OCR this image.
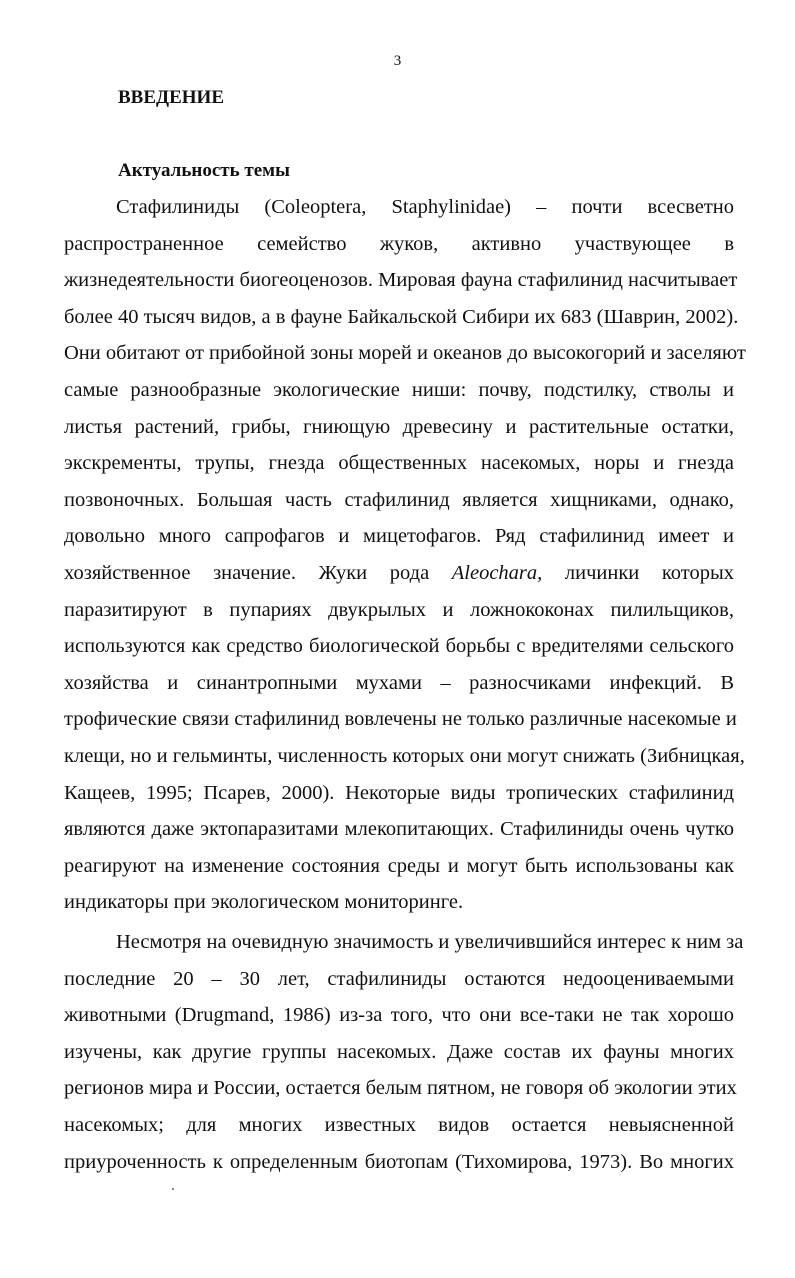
3
ВВЕДЕНИЕ
Актуальность темы
Стафилиниды (Coleoptera, Staphylinidae) – почти всесветно
распространенное семейство жуков, активно участвующее в
жизнедеятельности биогеоценозов. Мировая фауна стафилинид насчитывает
более 40 тысяч видов, а в фауне Байкальской Сибири их 683 (Шаврин, 2002).
Они обитают от прибойной зоны морей и океанов до высокогорий и заселяют
самые разнообразные экологические ниши: почву, подстилку, стволы и
листья растений, грибы, гниющую древесину и растительные остатки,
экскременты, трупы, гнезда общественных насекомых, норы и гнезда
позвоночных. Большая часть стафилинид является хищниками, однако,
довольно много сапрофагов и мицетофагов. Ряд стафилинид имеет и
хозяйственное значение. Жуки рода Aleochara, личинки которых
паразитируют в пупариях двукрылых и ложнококонах пилильщиков,
используются как средство биологической борьбы с вредителями сельского
хозяйства и синантропными мухами – разносчиками инфекций. В
трофические связи стафилинид вовлечены не только различные насекомые и
клещи, но и гельминты, численность которых они могут снижать (Зибницкая,
Кащеев, 1995; Псарев, 2000). Некоторые виды тропических стафилинид
являются даже эктопаразитами млекопитающих. Стафилиниды очень чутко
реагируют на изменение состояния среды и могут быть использованы как
индикаторы при экологическом мониторинге.
Несмотря на очевидную значимость и увеличившийся интерес к ним за
последние 20 – 30 лет, стафилиниды остаются недооцениваемыми
животными (Drugmand, 1986) из-за того, что они все-таки не так хорошо
изучены, как другие группы насекомых. Даже состав их фауны многих
регионов мира и России, остается белым пятном, не говоря об экологии этих
насекомых; для многих известных видов остается невыясненной
приуроченность к определенным биотопам (Тихомирова, 1973). Во многих
